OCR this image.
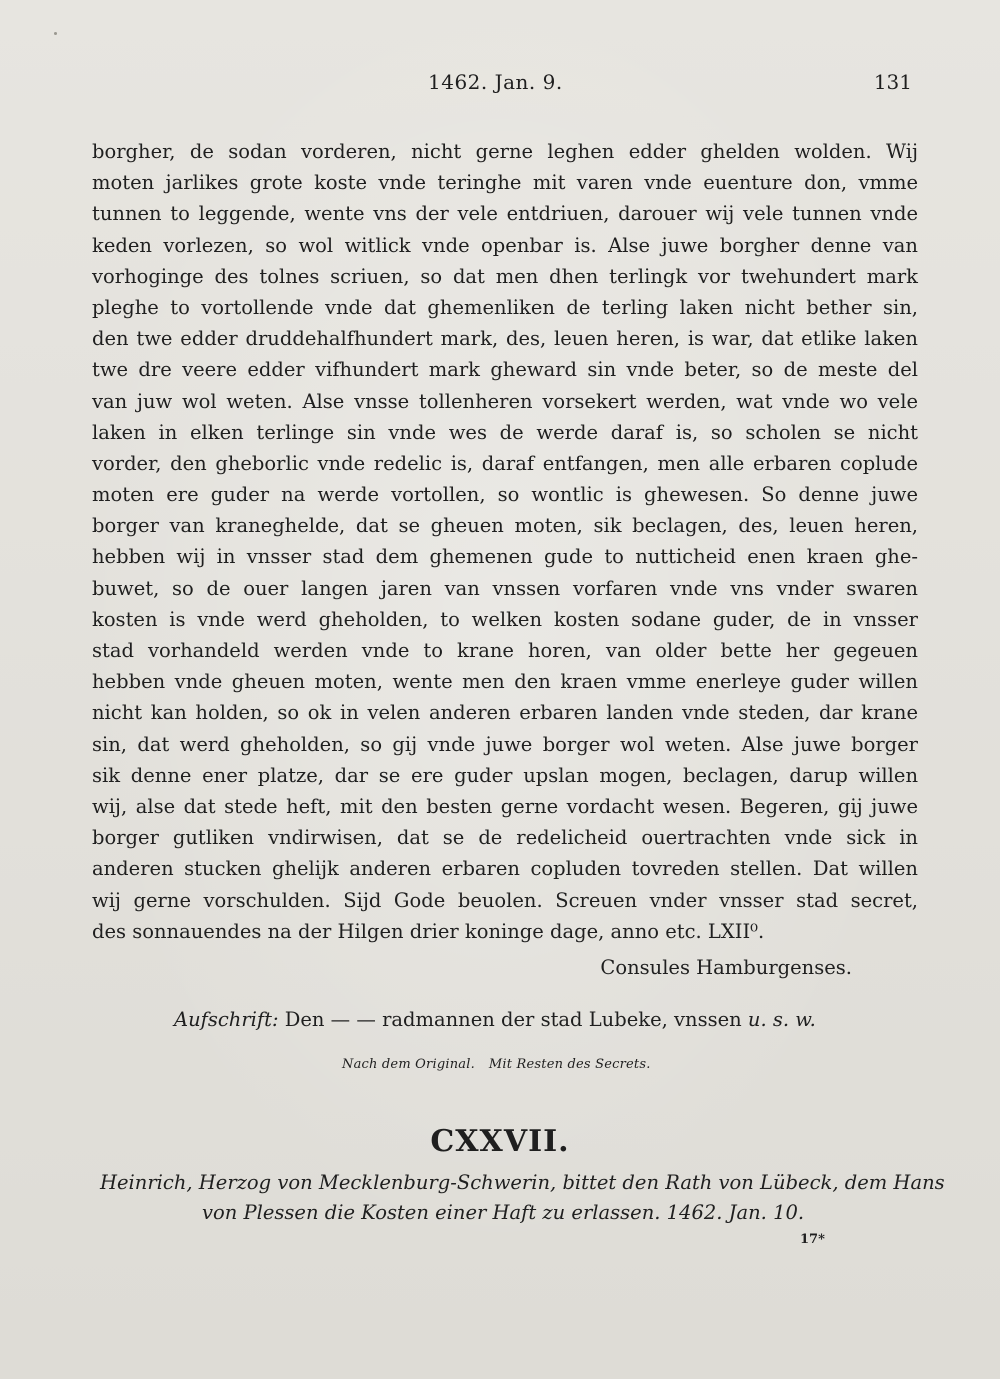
1462. Jan. 9.	131
borgher, de sodan vorderen, nicht gerne leghen edder ghelden wolden. Wij
moten jarlikes grote koste vnde teringhe mit varen vnde euenture don, vmme
tunnen to leggende, wente vns der vele entdriuen, darouer wij vele tunnen vnde
keden vorlezen, so wol witlick vnde openbar is. Alse juwe borgher denne van
vorhoginge des tolnes scriuen, so dat men dhen terlingk vor twehundert mark
pleghe to vortollende vnde dat ghemenliken de terling laken nicht bether sin,
den twe edder druddehalfhundert mark, des, leuen heren, is war, dat etlike laken
twe dre veere edder vifhundert mark gheward sin vnde beter, so de meste del
van juw wol weten. Alse vnsse tollenheren vorsekert werden, wat vnde wo vele
laken in elken terlinge sin vnde wes de werde daraf is, so scholen se nicht
vorder, den gheborlic vnde redelic is, daraf entfangen, men alle erbaren coplude
moten ere guder na werde vortollen, so wontlic is ghewesen. So denne juwe
borger van kraneghelde, dat se gheuen moten, sik beclagen, des, leuen heren,
hebben wij in vnsser stad dem ghemenen gude to nutticheid enen kraen ghe-
buwet, so de ouer langen jaren van vnssen vorfaren vnde vns vnder swaren
kosten is vnde werd gheholden, to welken kosten sodane guder, de in vnsser
stad vorhandeld werden vnde to krane horen, van older bette her gegeuen
hebben vnde gheuen moten, wente men den kraen vmme enerleye guder willen
nicht kan holden, so ok in velen anderen erbaren landen vnde steden, dar krane
sin, dat werd gheholden, so gij vnde juwe borger wol weten. Alse juwe borger
sik denne ener platze, dar se ere guder upslan mogen, beclagen, darup willen
wij, alse dat stede heft, mit den besten gerne vordacht wesen. Begeren, gij juwe
borger gutliken vndirwisen, dat se de redelicheid ouertrachten vnde sick in
anderen stucken ghelijk anderen erbaren copluden tovreden stellen. Dat willen
wij gerne vorschulden. Sijd Gode beuolen. Screuen vnder vnsser stad secret,
des sonnauendes na der Hilgen drier koninge dage, anno etc. LXII⁰.
Consules Hamburgenses.
Aufschrift: Den — — radmannen der stad Lubeke, vnssen u. s. w.
Nach dem Original. Mit Resten des Secrets.
CXXVII.
Heinrich, Herzog von Mecklenburg-Schwerin, bittet den Rath von Lübeck, dem Hans
von Plessen die Kosten einer Haft zu erlassen. 1462. Jan. 10.
17*
